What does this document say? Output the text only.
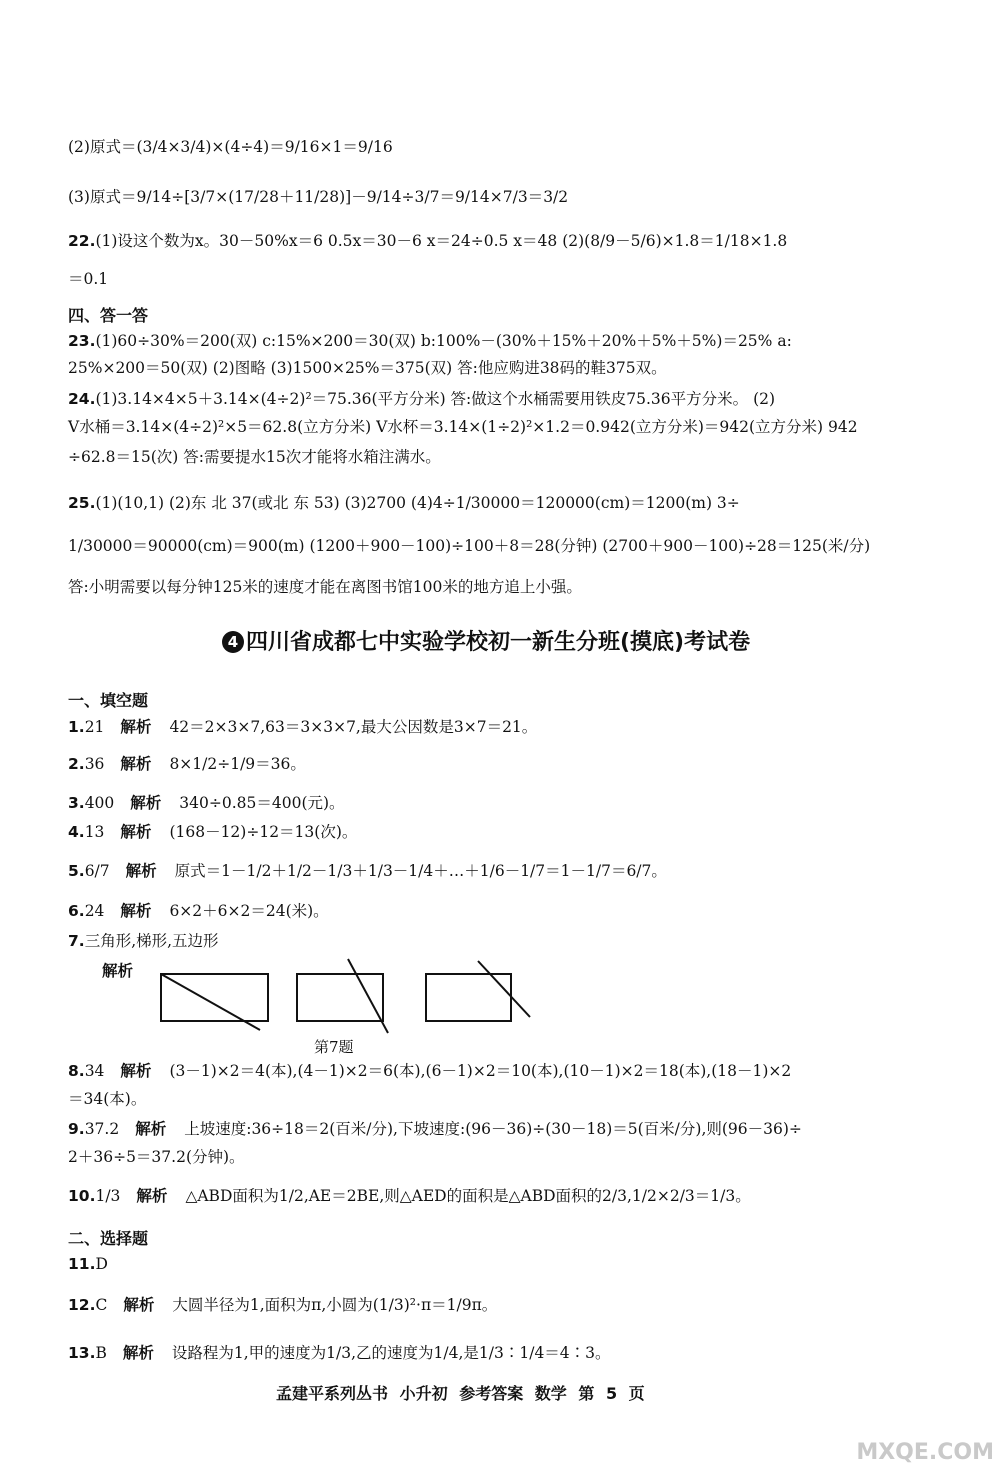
(2)原式＝(3/4×3/4)×(4÷4)＝9/16×1＝9/16
(3)原式＝9/14÷[3/7×(17/28＋11/28)]－9/14÷3/7＝9/14×7/3＝3/2
22.(1)设这个数为x。30－50%x＝6 0.5x＝30－6 x＝24÷0.5 x＝48 (2)(8/9－5/6)×1.8＝1/18×1.8
＝0.1
四、答一答
23.(1)60÷30%＝200(双) c:15%×200＝30(双) b:100%－(30%＋15%＋20%＋5%＋5%)＝25% a:
25%×200＝50(双) (2)图略 (3)1500×25%＝375(双) 答:他应购进38码的鞋375双。
24.(1)3.14×4×5＋3.14×(4÷2)²＝75.36(平方分米) 答:做这个水桶需要用铁皮75.36平方分米。 (2)
V水桶＝3.14×(4÷2)²×5＝62.8(立方分米) V水杯＝3.14×(1÷2)²×1.2＝0.942(立方分米)＝942(立方分米) 942
÷62.8＝15(次) 答:需要提水15次才能将水箱注满水。
25.(1)(10,1) (2)东 北 37(或北 东 53) (3)2700 (4)4÷1/30000＝120000(cm)＝1200(m) 3÷
1/30000＝90000(cm)＝900(m) (1200＋900－100)÷100＋8＝28(分钟) (2700＋900－100)÷28＝125(米/分)
答:小明需要以每分钟125米的速度才能在离图书馆100米的地方追上小强。
4 四川省成都七中实验学校初一新生分班(摸底)考试卷
一、填空题
1.21 解析 42＝2×3×7,63＝3×3×7,最大公因数是3×7＝21。
2.36 解析 8×1/2÷1/9＝36。
3.400 解析 340÷0.85＝400(元)。
4.13 解析 (168－12)÷12＝13(次)。
5.6/7 解析 原式＝1－1/2＋1/2－1/3＋1/3－1/4＋…＋1/6－1/7＝1－1/7＝6/7。
6.24 解析 6×2＋6×2＝24(米)。
7.三角形,梯形,五边形
解析
第7题
8.34 解析 (3－1)×2＝4(本),(4－1)×2＝6(本),(6－1)×2＝10(本),(10－1)×2＝18(本),(18－1)×2
＝34(本)。
9.37.2 解析 上坡速度:36÷18＝2(百米/分),下坡速度:(96－36)÷(30－18)＝5(百米/分),则(96－36)÷
2＋36÷5＝37.2(分钟)。
10.1/3 解析 △ABD面积为1/2,AE＝2BE,则△AED的面积是△ABD面积的2/3,1/2×2/3＝1/3。
二、选择题
11.D
12.C 解析 大圆半径为1,面积为π,小圆为(1/3)²·π＝1/9π。
13.B 解析 设路程为1,甲的速度为1/3,乙的速度为1/4,是1/3∶1/4＝4∶3。
孟建平系列丛书 小升初 参考答案 数学 第 5 页
MXQE.COM
